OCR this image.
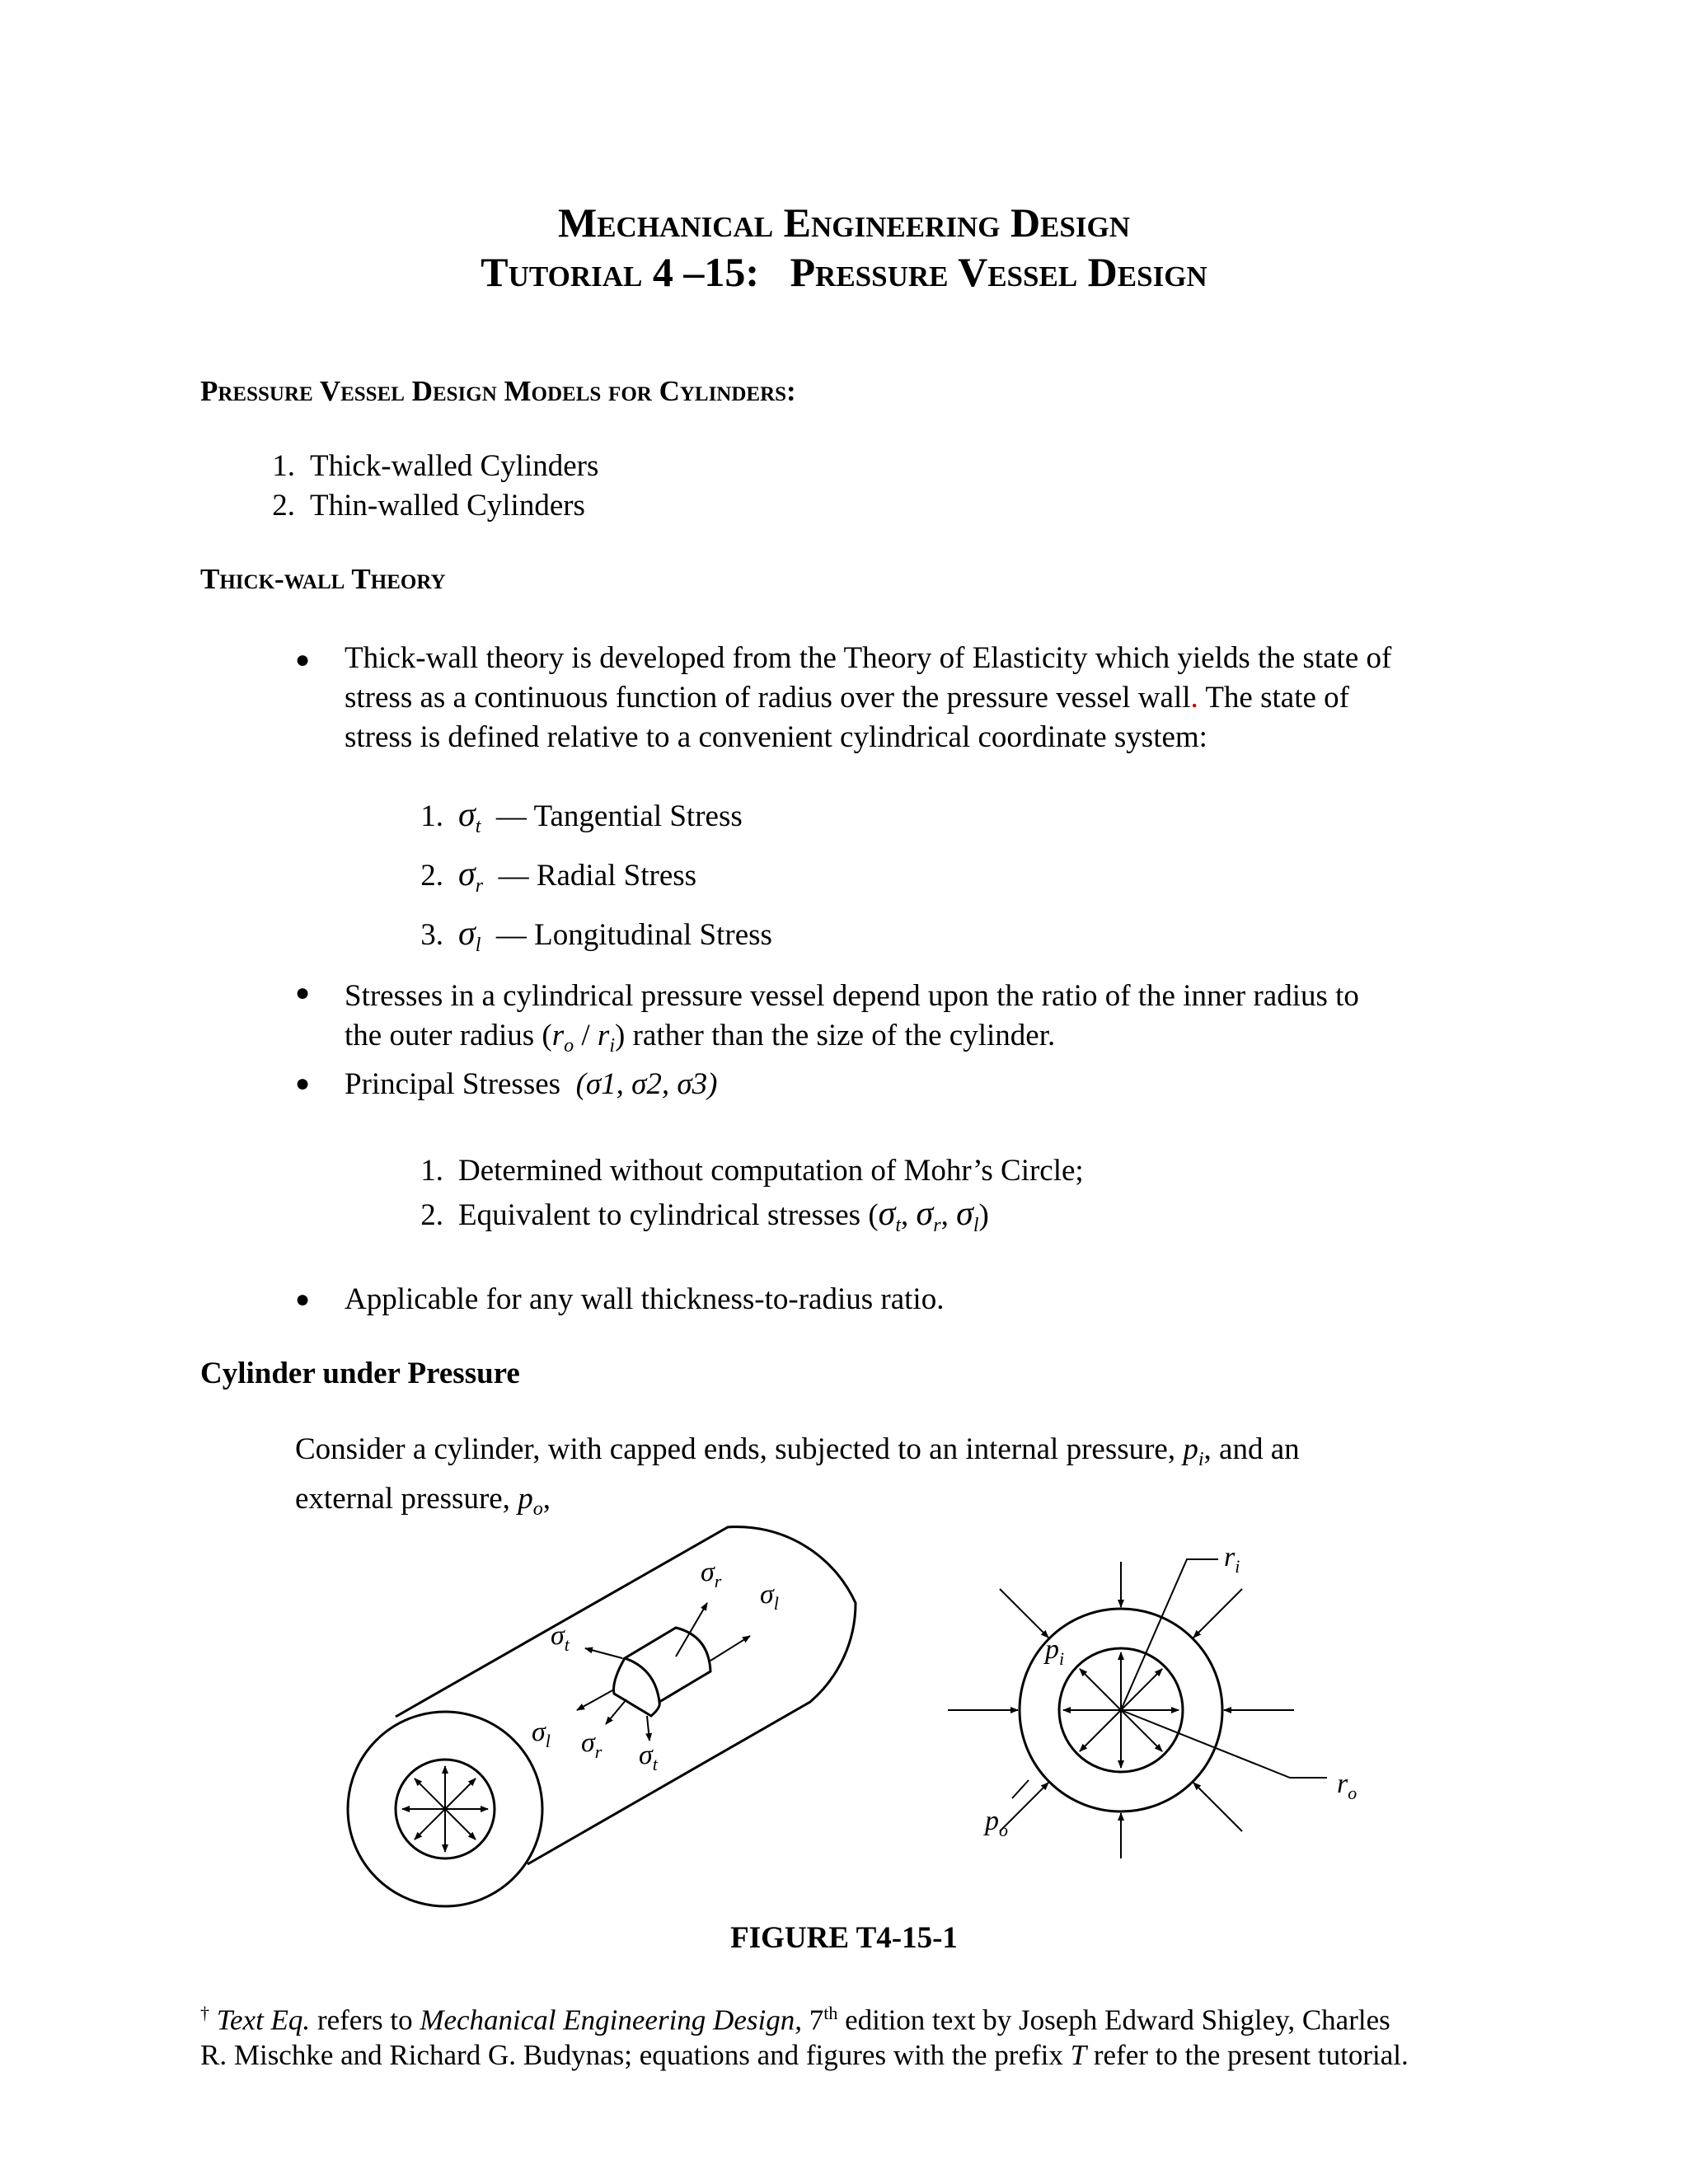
Mechanical Engineering Design
Tutorial 4 –15: Pressure Vessel Design
Pressure Vessel Design Models for Cylinders:
1. Thick-walled Cylinders
2. Thin-walled Cylinders
Thick-wall Theory
● Thick-wall theory is developed from the Theory of Elasticity which yields the state of
stress as a continuous function of radius over the pressure vessel wall. The state of
stress is defined relative to a convenient cylindrical coordinate system:
1. $\sigma_t$ — Tangential Stress
2. $\sigma_r$ — Radial Stress
3. $\sigma_l$ — Longitudinal Stress
● Stresses in a cylindrical pressure vessel depend upon the ratio of the inner radius to
the outer radius $(r_o / r_i)$ rather than the size of the cylinder.
● Principal Stresses (σ1, σ2, σ3)
1. Determined without computation of Mohr’s Circle;
2. Equivalent to cylindrical stresses ($\sigma_t$, $\sigma_r$, $\sigma_l$)
● Applicable for any wall thickness-to-radius ratio.
Cylinder under Pressure
Consider a cylinder, with capped ends, subjected to an internal pressure, $p_i$, and an
external pressure, $p_o$,
$\sigma_r$ $\sigma_l$
$\sigma_t$
$\sigma_l$ $\sigma_r$ $\sigma_t$
$r_i$
$p_i$
$r_o$
$p_o$
FIGURE T4-15-1
† Text Eq. refers to Mechanical Engineering Design, 7th edition text by Joseph Edward Shigley, Charles
R. Mischke and Richard G. Budynas; equations and figures with the prefix T refer to the present tutorial.
